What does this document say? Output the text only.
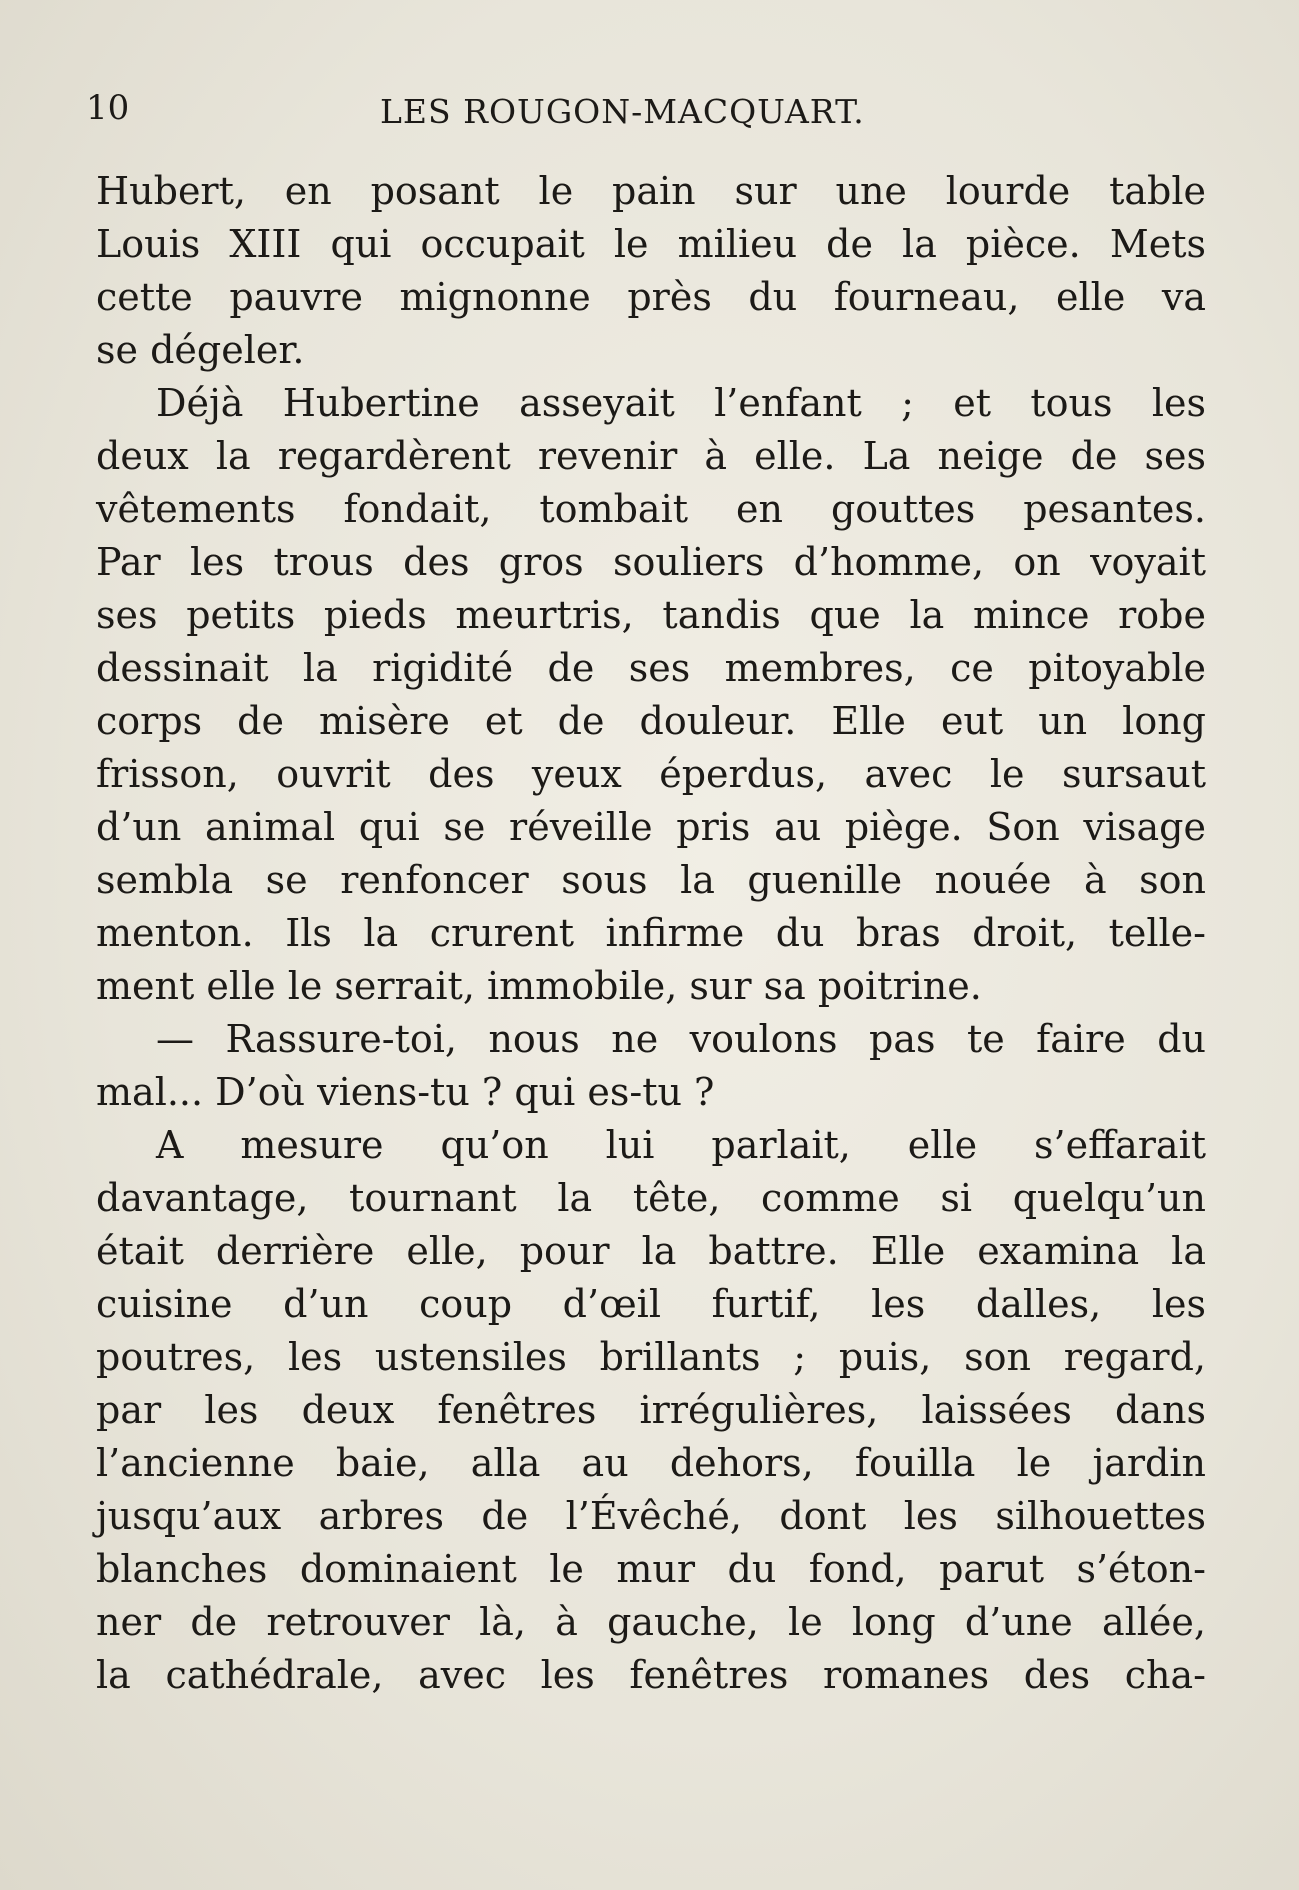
10	LES ROUGON-MACQUART.
Hubert, en posant le pain sur une lourde table
Louis XIII qui occupait le milieu de la pièce. Mets
cette pauvre mignonne près du fourneau, elle va
se dégeler.
Déjà Hubertine asseyait l’enfant ; et tous les
deux la regardèrent revenir à elle. La neige de ses
vêtements fondait, tombait en gouttes pesantes.
Par les trous des gros souliers d’homme, on voyait
ses petits pieds meurtris, tandis que la mince robe
dessinait la rigidité de ses membres, ce pitoyable
corps de misère et de douleur. Elle eut un long
frisson, ouvrit des yeux éperdus, avec le sursaut
d’un animal qui se réveille pris au piège. Son visage
sembla se renfoncer sous la guenille nouée à son
menton. Ils la crurent infirme du bras droit, telle-
ment elle le serrait, immobile, sur sa poitrine.
— Rassure-toi, nous ne voulons pas te faire du
mal... D’où viens-tu ? qui es-tu ?
A mesure qu’on lui parlait, elle s’effarait
davantage, tournant la tête, comme si quelqu’un
était derrière elle, pour la battre. Elle examina la
cuisine d’un coup d’œil furtif, les dalles, les
poutres, les ustensiles brillants ; puis, son regard,
par les deux fenêtres irrégulières, laissées dans
l’ancienne baie, alla au dehors, fouilla le jardin
jusqu’aux arbres de l’Évêché, dont les silhouettes
blanches dominaient le mur du fond, parut s’éton-
ner de retrouver là, à gauche, le long d’une allée,
la cathédrale, avec les fenêtres romanes des cha-
